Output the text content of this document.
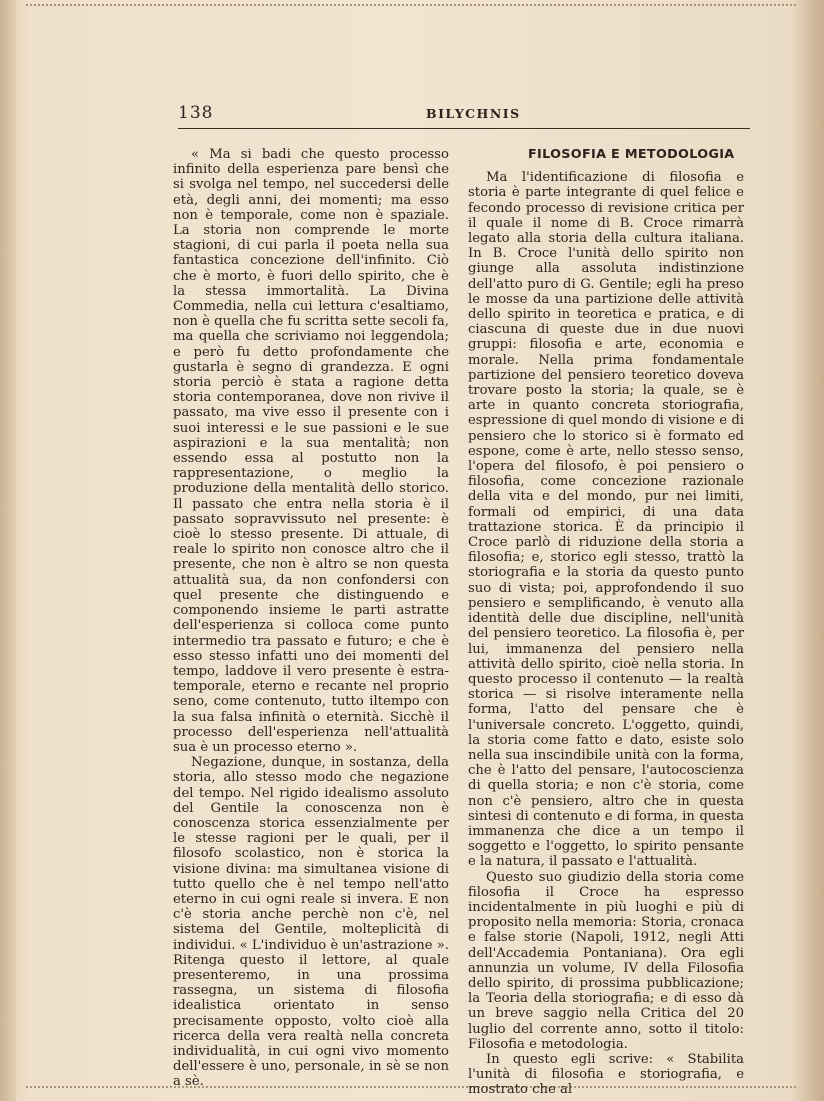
138	BILYCHNIS

« Ma si badi che questo processo infinito della esperienza pare bensì che si svolga nel tempo, nel succedersi delle età, degli anni, dei momenti; ma esso non è temporale, come non è spaziale. La storia non comprende le morte stagioni, di cui parla il poeta nella sua fantastica concezione dell'infinito. Ciò che è morto, è fuori dello spirito, che è la stessa immortalità. La Divina Commedia, nella cui lettura c'esaltiamo, non è quella che fu scritta sette secoli fa, ma quella che scriviamo noi leggendola; e però fu detto profondamente che gustarla è segno di grandezza. E ogni storia perciò è stata a ragione detta storia contemporanea, dove non rivive il passato, ma vive esso il presente con i suoi interessi e le sue passioni e le sue aspirazioni e la sua mentalità; non essendo essa al postutto non la rappresentazione, o meglio la produzione della mentalità dello storico. Il passato che entra nella storia è il passato sopravvissuto nel presente: è cioè lo stesso presente. Di attuale, di reale lo spirito non conosce altro che il presente, che non è altro se non questa attualità sua, da non confondersi con quel presente che distinguendo e componendo insieme le parti astratte dell'esperienza si colloca come punto intermedio tra passato e futuro; e che è esso stesso infatti uno dei momenti del tempo, laddove il vero presente è estra-temporale, eterno e recante nel proprio seno, come contenuto, tutto iltempo con la sua falsa infinità o eternità. Sicchè il processo dell'esperienza nell'attualità sua è un processo eterno ».

Negazione, dunque, in sostanza, della storia, allo stesso modo che negazione del tempo. Nel rigido idealismo assoluto del Gentile la conoscenza non è conoscenza storica essenzialmente per le stesse ragioni per le quali, per il filosofo scolastico, non è storica la visione divina: ma simultanea visione di tutto quello che è nel tempo nell'atto eterno in cui ogni reale si invera. E non c'è storia anche perchè non c'è, nel sistema del Gentile, molteplicità di individui. « L'individuo è un'astrazione ». Ritenga questo il lettore, al quale presenteremo, in una prossima rassegna, un sistema di filosofia idealistica orientato in senso precisamente opposto, volto cioè alla ricerca della vera realtà nella concreta individualità, in cui ogni vivo momento dell'essere è uno, personale, in sè se non a sè.

FILOSOFIA E METODOLOGIA

Ma l'identificazione di filosofia e storia è parte integrante di quel felice e fecondo processo di revisione critica per il quale il nome di B. Croce rimarrà legato alla storia della cultura italiana. In B. Croce l'unità dello spirito non giunge alla assoluta indistinzione dell'atto puro di G. Gentile; egli ha preso le mosse da una partizione delle attività dello spirito in teoretica e pratica, e di ciascuna di queste due in due nuovi gruppi: filosofia e arte, economia e morale. Nella prima fondamentale partizione del pensiero teoretico doveva trovare posto la storia; la quale, se è arte in quanto concreta storiografia, espressione di quel mondo di visione e di pensiero che lo storico si è formato ed espone, come è arte, nello stesso senso, l'opera del filosofo, è poi pensiero o filosofia, come concezione razionale della vita e del mondo, pur nei limiti, formali od empirici, di una data trattazione storica. È da principio il Croce parlò di riduzione della storia a filosofia; e, storico egli stesso, trattò la storiografia e la storia da questo punto suo di vista; poi, approfondendo il suo pensiero e semplificando, è venuto alla identità delle due discipline, nell'unità del pensiero teoretico. La filosofia è, per lui, immanenza del pensiero nella attività dello spirito, cioè nella storia. In questo processo il contenuto — la realtà storica — si risolve interamente nella forma, l'atto del pensare che è l'universale concreto. L'oggetto, quindi, la storia come fatto e dato, esiste solo nella sua inscindibile unità con la forma, che è l'atto del pensare, l'autocoscienza di quella storia; e non c'è storia, come non c'è pensiero, altro che in questa sintesi di contenuto e di forma, in questa immanenza che dice a un tempo il soggetto e l'oggetto, lo spirito pensante e la natura, il passato e l'attualità.

Questo suo giudizio della storia come filosofia il Croce ha espresso incidentalmente in più luoghi e più di proposito nella memoria: Storia, cronaca e false storie (Napoli, 1912, negli Atti dell'Accademia Pontaniana). Ora egli annunzia un volume, IV della Filosofia dello spirito, di prossima pubblicazione; la Teoria della storiografia; e di esso dà un breve saggio nella Critica del 20 luglio del corrente anno, sotto il titolo: Filosofia e metodologia.

In questo egli scrive: « Stabilita l'unità di filosofia e storiografia, e mostrato che al
